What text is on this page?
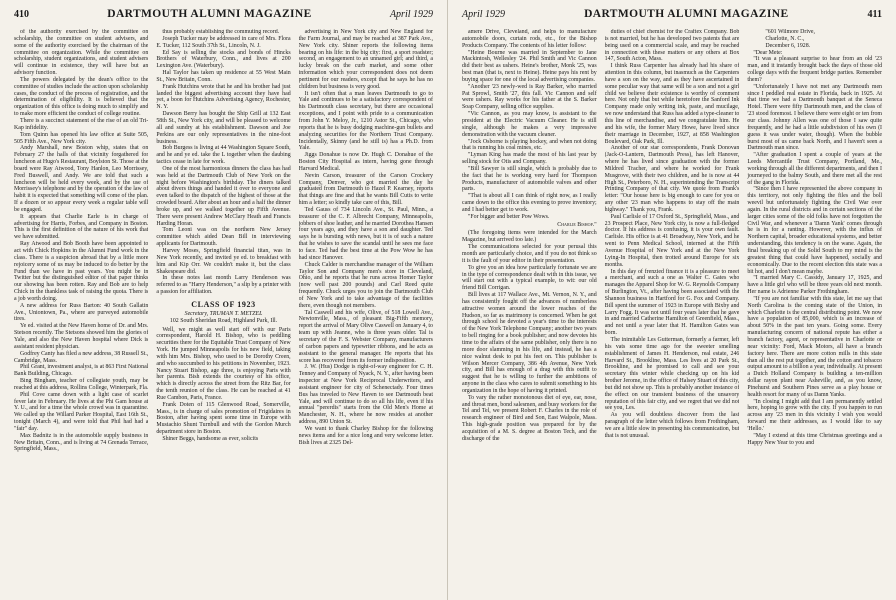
410	DARTMOUTH ALUMNI MAGAZINE	April 1929

of the authority exercised by the committee on scholarship, the committee on student advisers, and some of the authority exercised by the chairman of the committee on organization. While the committee on scholarship, student organizations, and student advisers will continue in existence, they will have but an advisory function.

The powers delegated by the dean's office to the committee of studies include the action upon scholarship cases, the conduct of the process of registration, and the determination of eligibility. It is believed that the organization of this office is doing much to simplify and to make more efficient the conduct of college routine.

There is a succinct statement of the rise of an old Tri-Kap infidelity.

Tom Quinn has opened his law office at Suite 505, 505 Fifth Ave., New York city.

Andy Marshall, new Boston whip, states that on February 27 the halls of that vicinity forgathered for luncheon at Hugo's Restaurant, Boylston St. Those at the board were Ray Atwood, Tony Hanlon, Leo Morrissey, Fred Buswell, and Andy. We are told that such a luncheon will be held every week, and by the use of Morrissey's telephone and by the operation of the law of habit it is expected that something will come of the plan. If a dozen or so appear every week a regular table will be engaged.

It appears that Charlie Earle is in charge of advertising for Harris, Forbes, and Company in Boston. This is the first definition of the nature of his work that we have submitted.

Ray Atwood and Bob Booth have been appointed to act with Chick Hopkins in the Alumni Fund work in the class. There is a suspicion abroad that by a little more rejoicery some of us may be induced to do better by the Fund than we have in past years. You might be in Twitter but the distinguished editor of that paper thinks our showing has been rotten. Ray and Bob are to help Chick in the thankless task of raising the quota. There is a job worth doing.

A new address for Russ Barton: 40 South Gallatin Ave., Uniontown, Pa., where are purveyed automobile tires.

Ye ed. visited at the New Haven home of Dr. and Mrs. Stetson recently. The Stetsons showed him the glories of Yale, and also the New Haven hospital where Dick is assistant resident physician.

Godfrey Canty has filed a new address, 38 Russell St., Cambridge, Mass.

Phil Grant, investment analyst, is at 863 First National Bank Building, Chicago.

Bing Bingham, teacher of collegiate youth, may be reached at this address, Rollins College, Winterpark, Fla.

Phil Cove came down with a light case of scarlet fever late in February. He lives at the Phi Gam house at Y. U., and for a time the whole crowd was in quarantine. We called up the Willard Parker Hospital, East 16th St., tonight (March 4), and were told that Phil had had a "fair" day.

Max Badnitz is in the automobile supply business in New Britain, Conn., and is living at 74 Grenada Terrace, Springfield, Mass.,

thus probably establishing the commuting record.

Joseph Tucker may be addressed in care of Mrs. Flora E. Tucker, 112 South 37th St., Lincoln, N. J.

Ed Say is selling the stocks and bonds of Hincks Brothers of Waterbury, Conn., and lives at 200 Lexington Ave. (Waterbury).

Hal Taylor has taken up residence at 55 West Main St., New Britain, Conn.

Frank Hutchins wrote that he and his brother had just landed the biggest advertising account they have had yet, a boon for Hutchins Advertising Agency, Rochester, N. Y.

Dawson Berry has bought the Ship Grill at 132 East 58th St., New York city, and will be pleased to welcome all and sundry at his establishment. Dawson and Joe Perkins are our only representatives in the nine-foot business.

Bob Burgess is living at 44 Washington Square South, and he and ye ed. take the L together when the daubing tactics cease in late for work.

One of the most harmonious dinners the class has had was held at the Dartmouth Club of New York on the night before Washington's birthday. The diners talked about divers things and handed it over to everyone and even talked to the dispatch of the highest of those at the crowded board. After about an hour and a half the dinner broke up, and we walked together up Fifth Avenue. There were present Andrew McClary Heath and Francis Harding Horan.

Tom Leoni was on the northern New Jersey committee which aided Dean Bill in interviewing applicants for Dartmouth.

Harvey Moses, Springfield financial titan, was in New York recently, and invited ye ed. to breakfast with him and Kip Orr. We couldn't make it, but the class Shakespeare did.

In these notes last month Larry Henderson was referred to as "Harry Henderson," a slip by a printer with a passion for affiliation.

CLASS OF 1923
Secretary, TRUMAN T. METZEL
102 South Sheridan Road, Highland Park, Ill.

Well, we might as well start off with our Paris correspondent, Harold H. Bishop, who is peddling securities there for the Equitable Trust Company of New York. He jumped Minneapolis for his new field, taking with him Mrs. Bishop, who used to be Dorothy Creen, and who succumbed to his petitions in November, 1923. Nancy Stuart Bishop, age three, is enjoying Paris with her parents. Bish extends the courtesy of his office, which is directly across the street from the Ritz Bar, for the tenth reunion of the class. He can be reached at 41 Rue Cambon, Paris, France.

Frank Doten of 115 Glenwood Road, Somerville, Mass., is in charge of sales promotion of Frigidaires in Boston, after having spent some time in Europe with Mustachio Shunt Turnbull and with the Gordon Murch department store in Boston.

Shiner Beggs, handsome as ever, solicits

advertising in New York city and New England for the Farm Journal, and may be reached at 387 Park Ave., New York city. Shiner reports the following items bearing on his life: in the big city: first, a sport roadster; second, an engagement to an unnamed girl; and third, a lucky break on the curb market, and some other information which your correspondent does not deem pertinent for our readers, except that he says he has no children but business is very good.

It isn't often that a man leaves Dartmouth to go to Yale and continues to be a satisfactory correspondent of his Dartmouth class secretary, but there are occasional exceptions, and I point with pride to a communication from John Y. Meloy, Jr., 1210 Astor St., Chicago, who reports that he is busy dodging machine-gun bullets and analyzing securities for the Northern Trust Company. Incidentally, Skinny (and he still is) has a Ph.D. from Yale.

Jiggs Donahue is now Dr. Hugh C. Donahue of the Boston City Hospital as intern, having gone through Harvard Medical.

Nevin Carson, treasurer of the Carson Crockery Company, Denver, who got married the day he graduated from Dartmouth to Hazel P. Kearney, reports that things are fine and that he wants Bill Cutis to write him a letter; so kindly take care of this, Bill.

Ted Gauss of 734 Lincoln Ave., St. Paul, Minn., a treasurer of the C. F. Albrecht Company, Minneapolis, jobbers of shoe leather, and he married Dorothea Hansen four years ago, and they have a son and daughter. Ted says he is bursting with news, but it is of such a nature that he wishes to save the scandal until he sees me face to face. Ted had the best time at the Pow Wow he has had since Hanover.

Chuck Calder is merchandise manager of the William Taylor Son and Company men's store in Cleveland, Ohio, and he reports that he runs across Homer Taylor (now well past 200 pounds) and Carl Reed quite frequently. Chuck urges you to join the Dartmouth Club of New York and to take advantage of the facilities there, even though not members.

Tal Caswell and his wife, Olive, of 518 Lowell Ave., Newtonville, Mass., of pleasant Big-Fifth memory, report the arrival of Mary Olive Caswell on January 4, to team up with Jeanne, who is three years older. Tal is secretary of the F. S. Webster Company, manufacturers of carbon papers and typewriter ribbons, and he acts as assistant to the general manager. He reports that his score has recovered from its former indisposition.

J. W. (Hus) Dodge is right-of-way engineer for C. H. Tenney and Company of Nyack, N. Y., after having been inspector at New York Reciprocal Underwriters, and assistant engineer for city of Schenectady. Four times Bus has traveled to New Haven to see Dartmouth beat Yale, and will continue to do so all his life, even if his annual "pererdis" starts from the Old Men's Home at Manchester, N. H., where he now resides at another address, 890 Union St.

We want to thank Charley Bishop for the following news items and for a nice long and very welcome letter. Bish lives at 2325 Del-

April 1929	DARTMOUTH ALUMNI MAGAZINE	411

amere Drive, Cleveland, and helps to manufacture automobile doors, curtain rods, etc., for the Bishop Products Company. The contents of his letter follow:

"Heine Bourne was married in September to Jane Mackintosh, Wellesley '24. Phil Smith and Vic Cannon did their best as ushers. Heine's brother, Monk '25, was best man (that is, next to Heine). Heine pays his rent by buying space for one of the local advertising companies.

"Another '23 newly-wed is Ray Barker, who married Pat Sprowl, Smith '27, this fall. Vic Cannon and self were ushers. Ray works for his father at the S. Barker Soap Company, selling office supplies.

"Vic Cannon, as you may know, is assistant to the president at the Electric Vacuum Cleaner. He is still single, although he makes a very impressive demonstration with the vacuum cleaner.

"Jock Osborne is playing hockey, and when not doing that is running his coal mines, etc.

"Lyman King has made the most of his last year by selling stock for Otis and Company.

"Bill Sawyer is still single, which is probably due to the fact that he is working very hard for Thompson Products, manufacturer of automobile valves and other parts.

"That is about all I can think of right now, as I really came down to the office this evening to prove inventory; and I had better get to work.

"For bigger and better Pow Wows.

Charlie Bishop."

(The foregoing items were intended for the March Magazine, but arrived too late.)

The communications selected for your perusal this month are particularly choice, and if you do not think so it is the fault of your editor in their presentation.

To give you an idea how particularly fortunate we are in the type of correspondence dealt with in this issue, we will start out with a typical example, to wit: our old friend Bill Corrigan.

Bill lives at 117 Wallace Ave., Mt. Vernon, N. Y., and has consistently fought off the advances of numberless attractive women around the lower reaches of the Hudson, so far as matrimony is concerned. When he got through school he devoted a year's time to the interests of the New York Telephone Company; another two years to bell ringing for a book publisher; and now devotes his time to the affairs of the same publisher, only there is no more door slamming in his life, and instead, he has a nice walnut desk to put his feet on. This publisher is Wilson Mercer Company, 386 4th Avenue, New York city, and Bill has enough of a drag with this outfit to suggest that he is willing to further the ambitions of anyone in the class who cares to submit something to his organization in the hope of having it printed.

To vary the rather monotonous diet of eye, ear, nose, and throat men, bond salesmen, and busy workers for the Tel and Tel, we present Robert F. Charles in the role of research engineer of Bird and Son, East Walpole, Mass. This high-grade position was prepared for by the acquisition of a M. S. degree at Boston Tech, and the discharge of the

duties of chief chemist for the Craftex Company. Bob is not married, but he has developed two patents that are being used on a commercial scale, and may be reached in connection with these matters or any others at Box 147, South Acton, Mass.

I think Russ Carpenter has already had his share of attention in this column, but inasmuch as the Carpenters have a son on the way, and as they have ascertained in some peculiar way that same will be a son and not a girl child we believe their existence is worthy of comment here. Not only that but while heretofore the Sanford Ink Company made only writing ink, paste, and mucilage, we now understand that Russ has added a type-cleaner to this line of merchandise, and we congratulate him. He and his wife, the former Mary Howe, have lived since their marriage in December, 1927, at 858 Washington Boulevard, Oak Park, Ill.

Another of our star correspondents, Frank Donovan (Jack-O-Lantern, Dartmouth Press), has left Hanover, where he has lived since graduation with the former Mildred Tracher, and where he worked for Frank Musgrove, with their two children, and he is now at 44 High St., Peterboro, N. H., superintending the Transcript Printing Company of that city. We quote from Frank's letter: "Our house here is big enough to care for you or any other '23 man who happens to stay off the main highway." Thank you, Frank.

Paul Carlisle of 17 Oxford St., Springfield, Mass., and 23 Prospect Place, New York city, is now a full-fledged doctor. If his address is confusing, it is your own fault. Carlisle. His office is at 41 Broadway, New York, and he went to Penn Medical School, interned at the Fifth Avenue Hospital of New York and at the New York Lying-In Hospital, then trotted around Europe for six months.

In this day of frenzied finance it is a pleasure to meet a merchant, and such a one as Walter C. Gates who manages the Apparel Shop for W. G. Reynolds Company of Burlington, Vt., after having been associated with the Shannon business in Hartford for G. Fox and Company. Bill spent the summer of 1923 in Europe with Bixby and Larry Fogg. It was not until four years later that he gave in and married Catherine Hamilton of Greenfield, Mass., and not until a year later that H. Hamilton Gates was born.

The inimitable Les Gutterman, formerly a farmer, left his vats some time ago for the sweeter smelling establishment of James H. Henderson, real estate, 246 Harvard St., Brookline, Mass. Les lives at 20 Park St., Brookline, and he promised to call and see your secretary this winter while checking up on his kid brother Jerome, in the office of Halsey Stuart of this city, but did not show up. This is probably another instance of the effect on our transient business of the unsavory reputation of this fair city, and we regret that we did not see you, Les.

As you will doubtless discover from the last paragraph of the letter which follows from Frothingham, we are a little slow in presenting his communication, but that is not unusual.

"601 Wilmore Drive,

Charlotte, N. C.,

December 6, 1928.

"Dear Mete:

"It was a pleasant surprise to hear from an old '23 man, and it instantly brought back the days of those old college days with the frequent bridge parties. Remember them?

"Unfortunately I have not met any Dartmouth men since I peddled real estate in Florida, back in 1925. At that time we had a Dartmouth banquet at the Seneca Hotel. There were fifty Dartmouth men, and the class of '23 stood foremost. I believe there were eight or ten from our class. Johnny Allen was one of those I saw quite frequently, and he had a little subdivision of his own (I guess it was under water, though). When the bubble burst most of us came back North, and I haven't seen a Dartmouth man since.

"After graduation I spent a couple of years at the Leeds Mercantile Trust Company, Portland, Me., working through all the different departments, and then I journeyed to the balmy South, and there met all the rest of the gang in Florida.

"Since then I have represented the above company in this territory, not only fighting the files and the boll weevil but unfortunately fighting the Civil War over again. In the rural districts and in certain sections of the larger cities some of the old folks have not forgotten the Civil War, and whenever a 'Damn Yank' comes through he is in for a ranting. However, with the influx of Northern capital, broader educational systems, and better understanding, this tendency is on the wane. Again, the final breaking up of the Solid South to my mind is the greatest thing that could have happened, socially and economically. Due to the recent election this state was a bit hot, and I don't mean maybe.

"I married Mary C. Cassidy, January 17, 1925, and have a little girl who will be three years old next month. Her name is Adrienne Parker Frothingham.

"If you are not familiar with this state, let me say that North Carolina is the coming state of the Union, in which Charlotte is the central distributing point. We now have a population of 85,000, which is an increase of about 50% in the past ten years. Going some. Every manufacturing concern of national repute has either a branch factory, agent, or representative in Charlotte or near vicinity: Ford, Mack Motors, all have a branch factory here. There are more cotton mills in this state than all the rest put together, and the cotton and tobacco output amount to a billion a year, individually. At present a Dutch Holland Company is building a ten-million dollar rayon plant near Asheville, and, as you know, Pinehurst and Southern Pines serve as a play house or health resort for many of us Damn Yanks.

"In closing I might add that I am permanently settled here, hoping to grow with the city. If you happen to run across any '23 men in this vicinity I wish you would forward me their addresses, as I would like to say 'Hello.'

"May I extend at this time Christmas greetings and a Happy New Year to you and
